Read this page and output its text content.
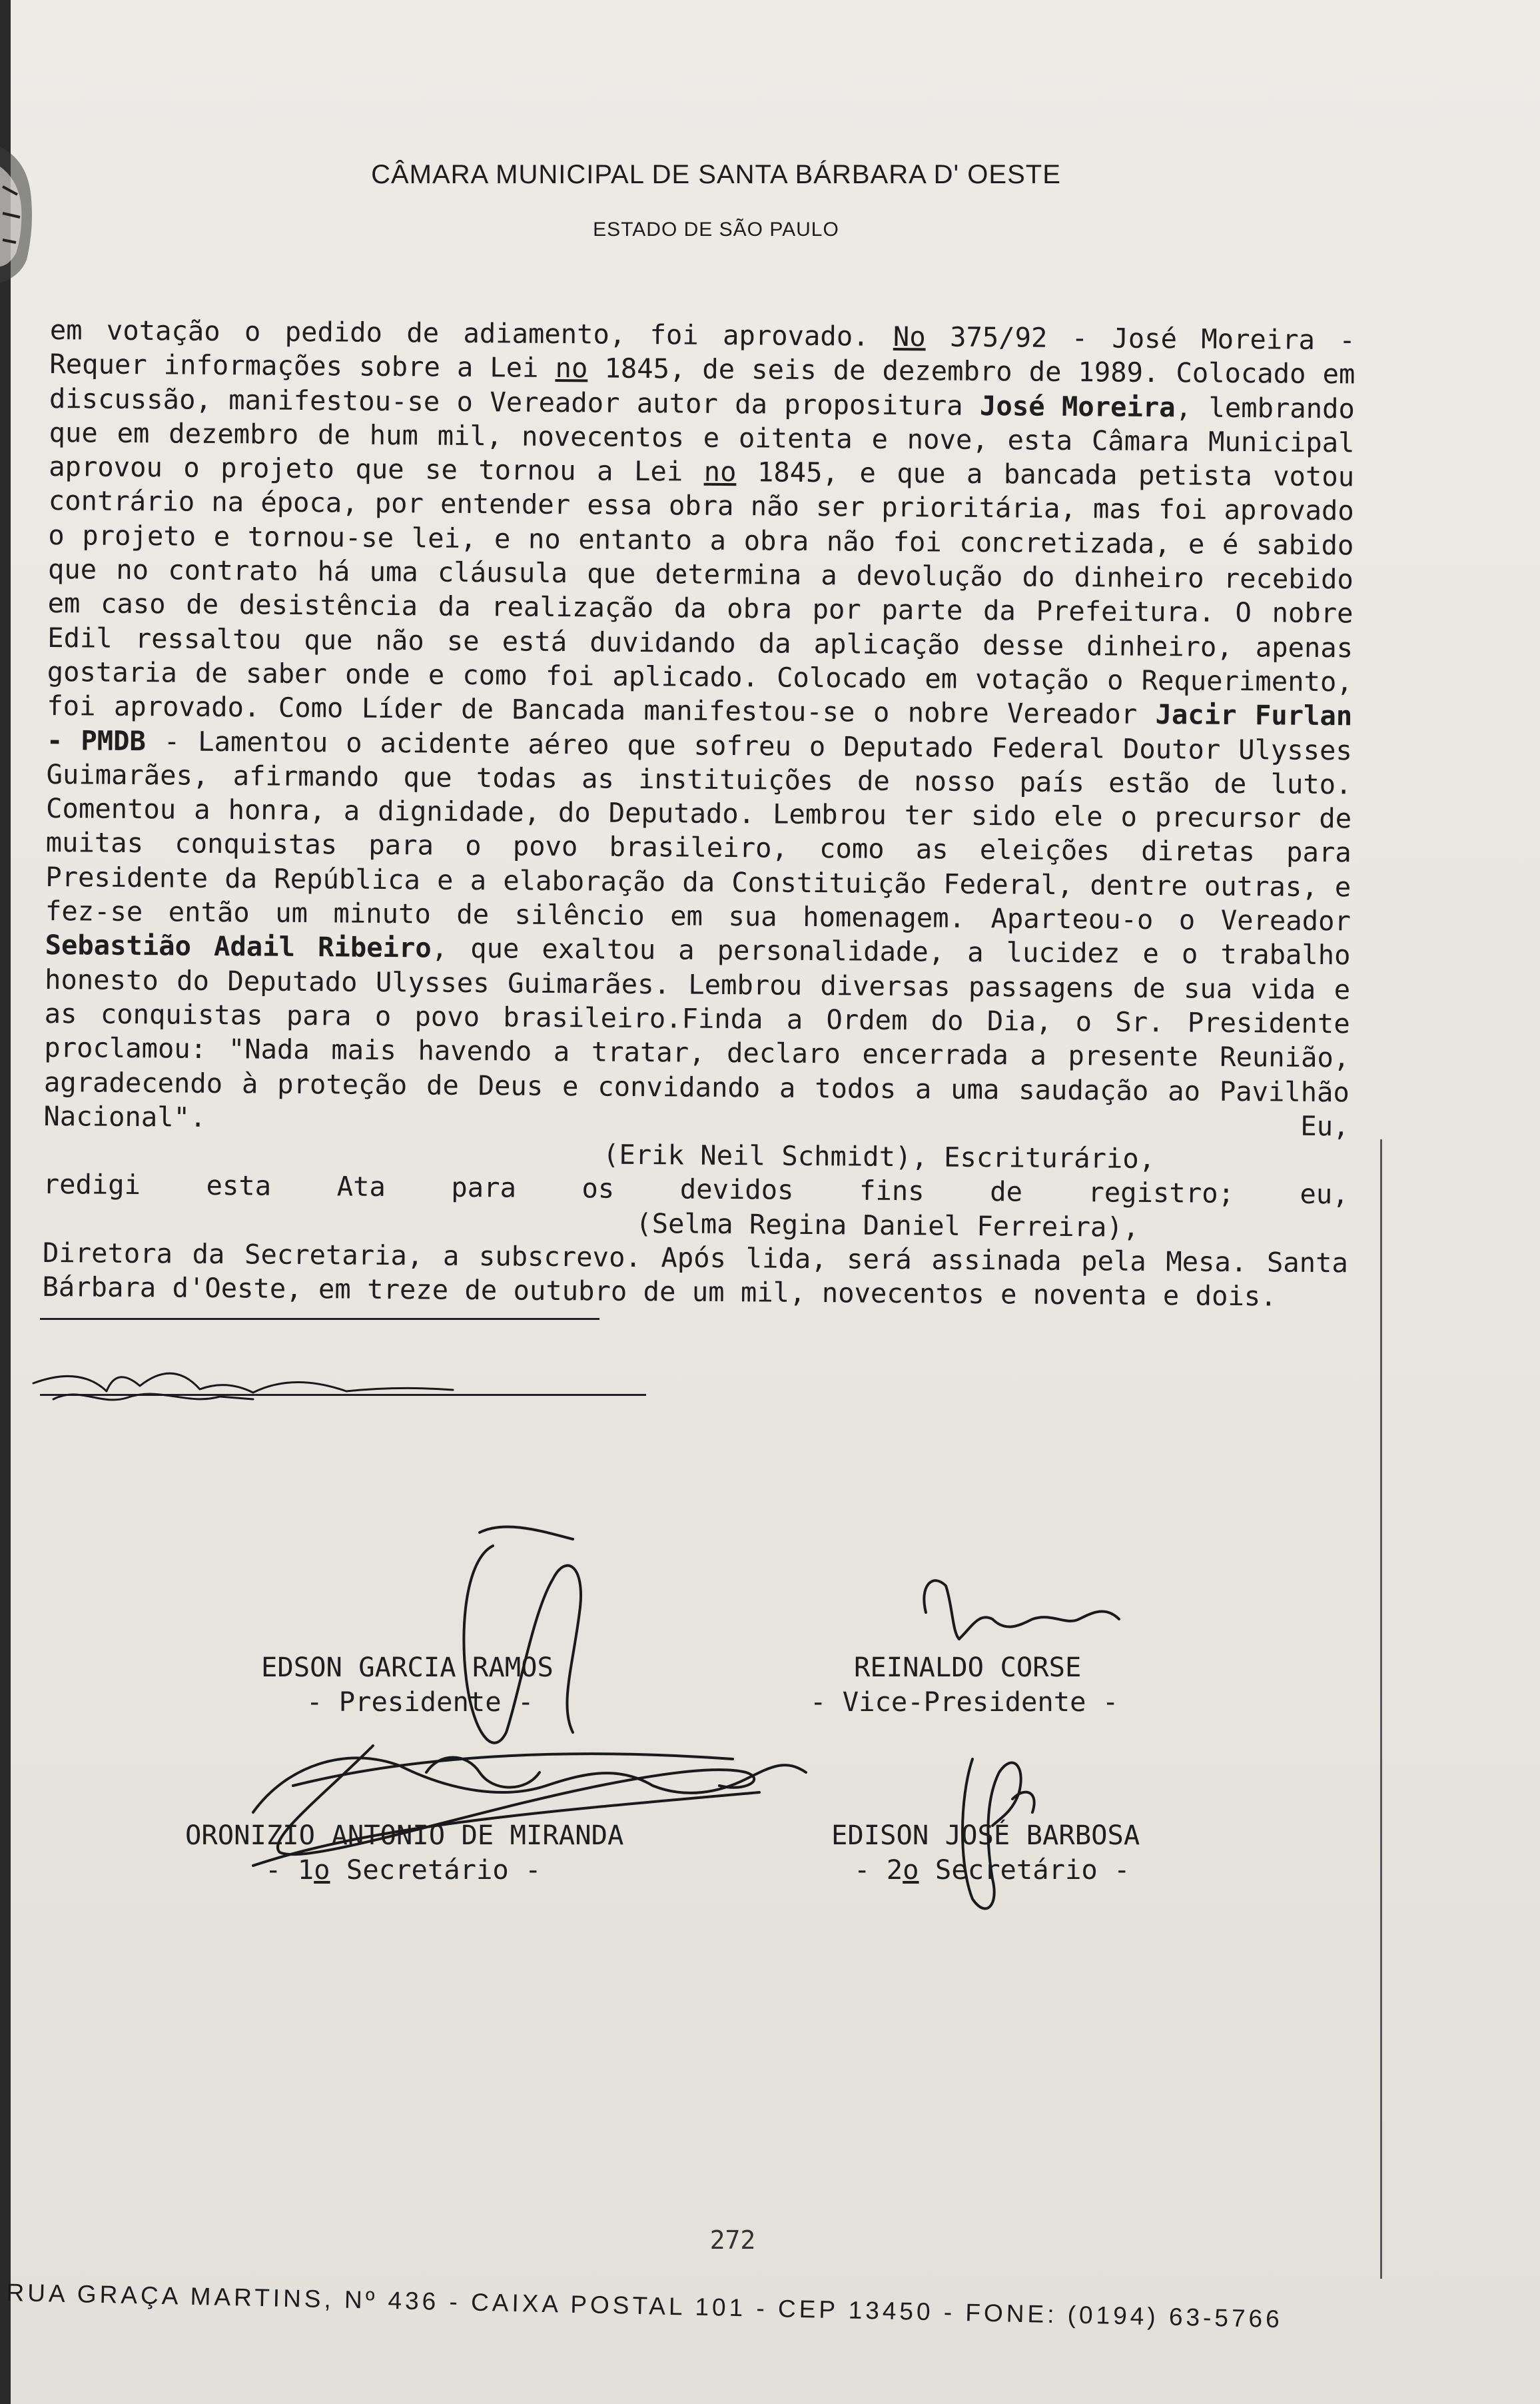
CÂMARA MUNICIPAL DE SANTA BÁRBARA D' OESTE
ESTADO DE SÃO PAULO
em votação o pedido de adiamento, foi aprovado. No 375/92 - José Moreira - Requer informações sobre a Lei no 1845, de seis de dezembro de 1989. Colocado em discussão, manifestou-se o Vereador autor da propositura José Moreira, lembrando que em dezembro de hum mil, novecentos e oitenta e nove, esta Câmara Municipal aprovou o projeto que se tornou a Lei no 1845, e que a bancada petista votou contrário na época, por entender essa obra não ser prioritária, mas foi aprovado o projeto e tornou-se lei, e no entanto a obra não foi concretizada, e é sabido que no contrato há uma cláusula que determina a devolução do dinheiro recebido em caso de desistência da realização da obra por parte da Prefeitura. O nobre Edil ressaltou que não se está duvidando da aplicação desse dinheiro, apenas gostaria de saber onde e como foi aplicado. Colocado em votação o Requerimento, foi aprovado. Como Líder de Bancada manifestou-se o nobre Vereador Jacir Furlan - PMDB - Lamentou o acidente aéreo que sofreu o Deputado Federal Doutor Ulysses Guimarães, afirmando que todas as instituições de nosso país estão de luto. Comentou a honra, a dignidade, do Deputado. Lembrou ter sido ele o precursor de muitas conquistas para o povo brasileiro, como as eleições diretas para Presidente da República e a elaboração da Constituição Federal, dentre outras, e fez-se então um minuto de silêncio em sua homenagem. Aparteou-o o Vereador Sebastião Adail Ribeiro, que exaltou a personalidade, a lucidez e o trabalho honesto do Deputado Ulysses Guimarães. Lembrou diversas passagens de sua vida e as conquistas para o povo brasileiro.Finda a Ordem do Dia, o Sr. Presidente proclamou: "Nada mais havendo a tratar, declaro encerrada a presente Reunião, agradecendo à proteção de Deus e convidando a todos a uma saudação ao Pavilhão Nacional". Eu,
(Erik Neil Schmidt), Escriturário,
redigi esta Ata para os devidos fins de registro; eu,
(Selma Regina Daniel Ferreira),
Diretora da Secretaria, a subscrevo. Após lida, será assinada pela Mesa. Santa Bárbara d'Oeste, em treze de outubro de um mil, novecentos e noventa e dois.
EDSON GARCIA RAMOS
- Presidente -
REINALDO CORSE
- Vice-Presidente -
ORONIZIO ANTONIO DE MIRANDA
- 1o Secretário -
EDISON JOSÉ BARBOSA
- 2o Secretário -
272
RUA GRAÇA MARTINS, Nº 436 - CAIXA POSTAL 101 - CEP 13450 - FONE: (0194) 63-5766
